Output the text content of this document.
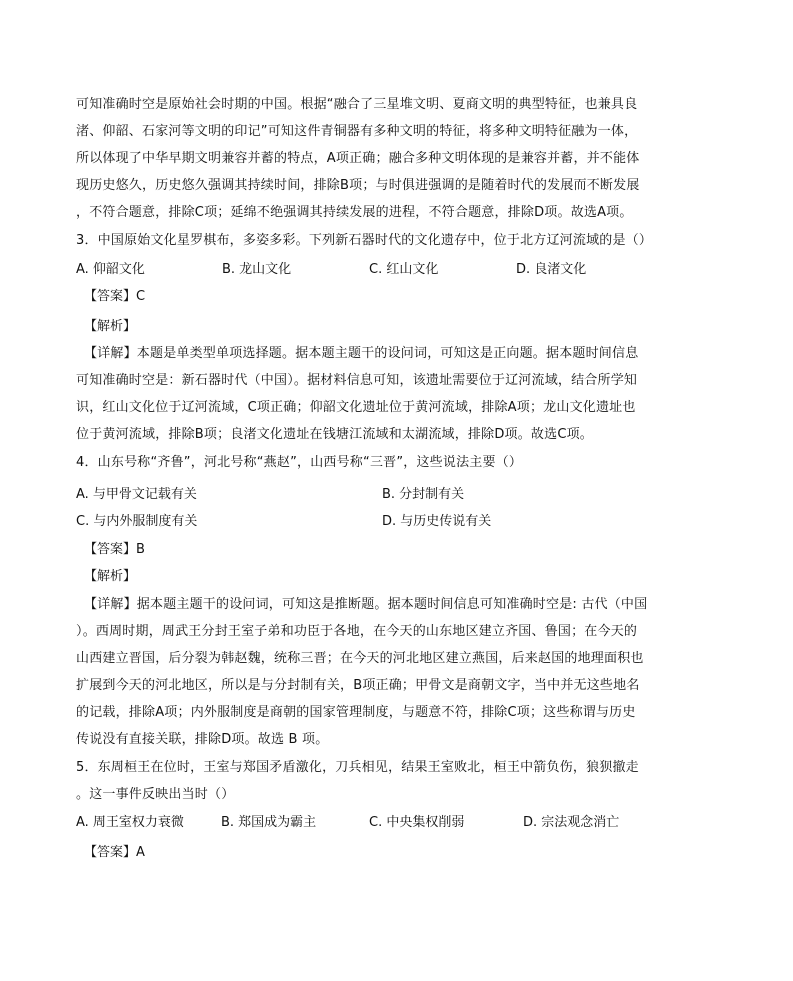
可知准确时空是原始社会时期的中国。根据“融合了三星堆文明、夏商文明的典型特征，也兼具良
渚、仰韶、石家河等文明的印记”可知这件青铜器有多种文明的特征，将多种文明特征融为一体，
所以体现了中华早期文明兼容并蓄的特点，A项正确；融合多种文明体现的是兼容并蓄，并不能体
现历史悠久，历史悠久强调其持续时间，排除B项；与时俱进强调的是随着时代的发展而不断发展
，不符合题意，排除C项；延绵不绝强调其持续发展的进程，不符合题意，排除D项。故选A项。
3．中国原始文化星罗棋布，多姿多彩。下列新石器时代的文化遗存中，位于北方辽河流域的是（）
A. 仰韶文化	B. 龙山文化	C. 红山文化	D. 良渚文化
【答案】C
【解析】
【详解】本题是单类型单项选择题。据本题主题干的设问词，可知这是正向题。据本题时间信息
可知准确时空是：新石器时代（中国）。据材料信息可知，该遗址需要位于辽河流域，结合所学知
识，红山文化位于辽河流域，C项正确；仰韶文化遗址位于黄河流域，排除A项；龙山文化遗址也
位于黄河流域，排除B项；良渚文化遗址在钱塘江流域和太湖流域，排除D项。故选C项。
4．山东号称“齐鲁”，河北号称“燕赵”，山西号称“三晋”，这些说法主要（）
A. 与甲骨文记载有关	B. 分封制有关
C. 与内外服制度有关	D. 与历史传说有关
【答案】B
【解析】
【详解】据本题主题干的设问词，可知这是推断题。据本题时间信息可知准确时空是: 古代（中国
）。西周时期，周武王分封王室子弟和功臣于各地，在今天的山东地区建立齐国、鲁国；在今天的
山西建立晋国，后分裂为韩赵魏，统称三晋；在今天的河北地区建立燕国，后来赵国的地理面积也
扩展到今天的河北地区，所以是与分封制有关，B项正确；甲骨文是商朝文字，当中并无这些地名
的记载，排除A项；内外服制度是商朝的国家管理制度，与题意不符，排除C项；这些称谓与历史
传说没有直接关联，排除D项。故选 B 项。
5．东周桓王在位时，王室与郑国矛盾激化，刀兵相见，结果王室败北，桓王中箭负伤，狼狈撤走
。这一事件反映出当时（）
A. 周王室权力衰微	B. 郑国成为霸主	C. 中央集权削弱	D. 宗法观念消亡
【答案】A
